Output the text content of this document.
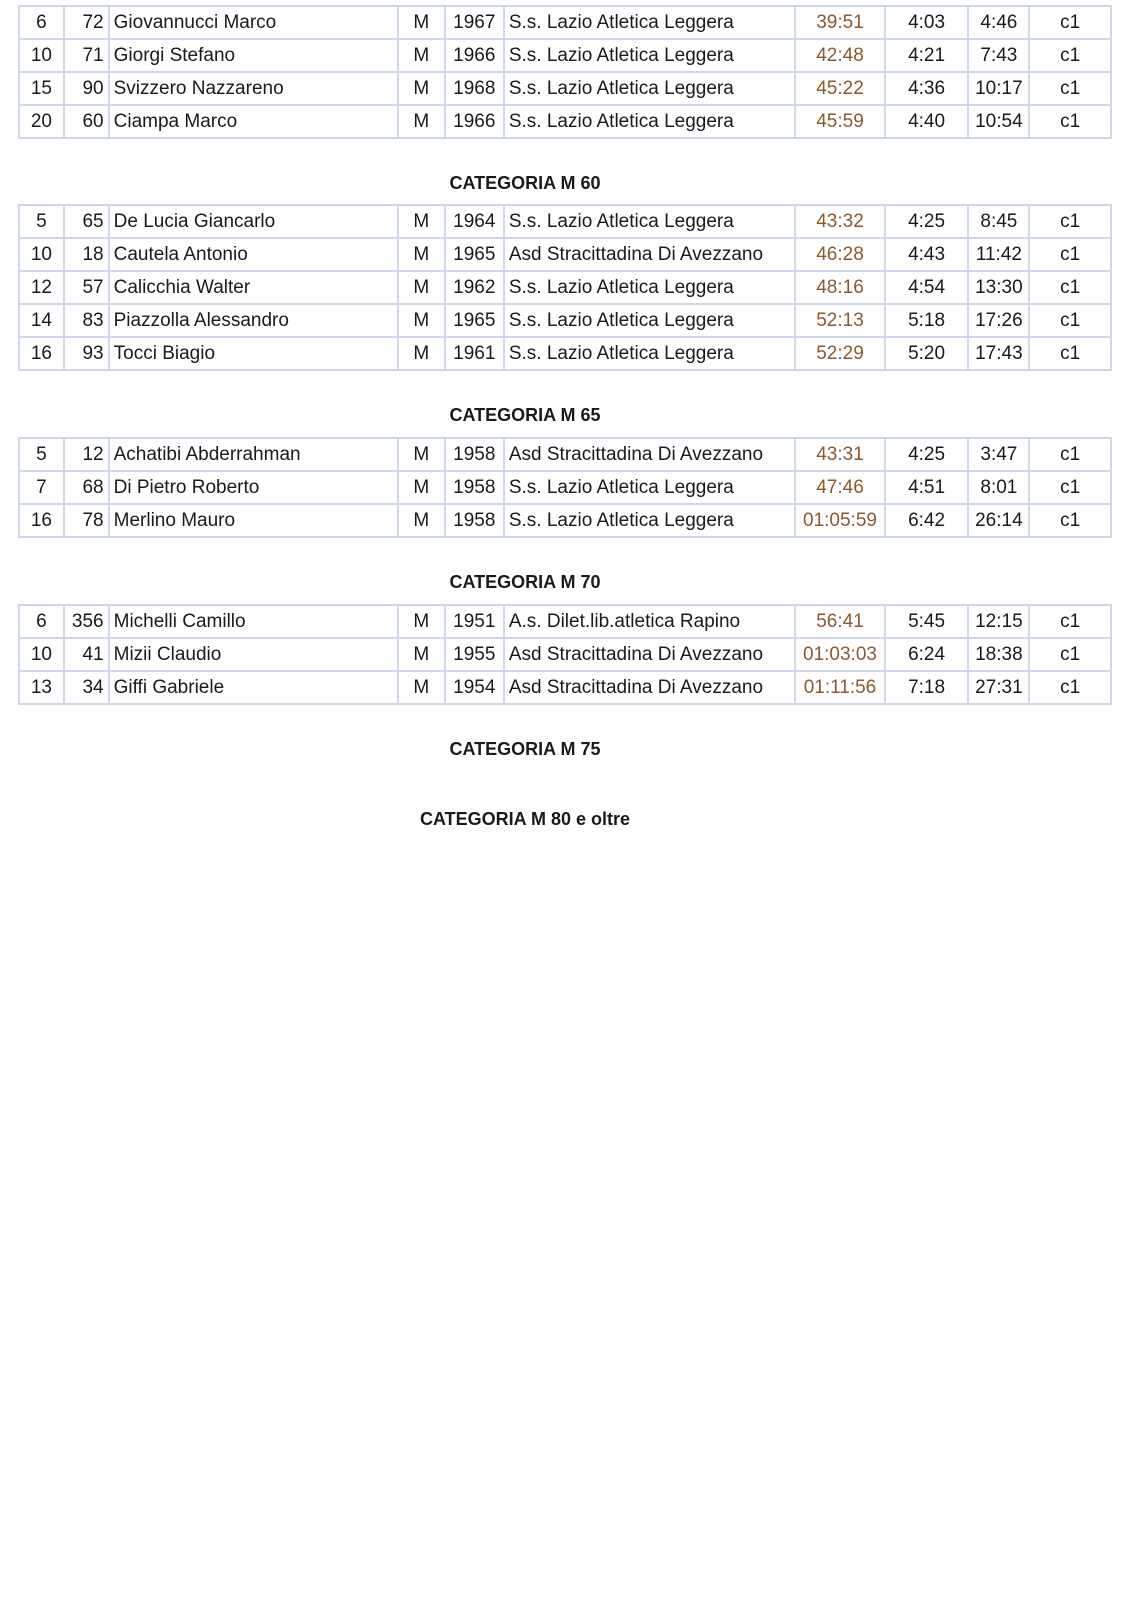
6	72	Giovannucci Marco	M	1967	S.s. Lazio Atletica Leggera	39:51	4:03	4:46	c1
10	71	Giorgi Stefano	M	1966	S.s. Lazio Atletica Leggera	42:48	4:21	7:43	c1
15	90	Svizzero Nazzareno	M	1968	S.s. Lazio Atletica Leggera	45:22	4:36	10:17	c1
20	60	Ciampa Marco	M	1966	S.s. Lazio Atletica Leggera	45:59	4:40	10:54	c1
CATEGORIA M 60
5	65	De Lucia Giancarlo	M	1964	S.s. Lazio Atletica Leggera	43:32	4:25	8:45	c1
10	18	Cautela Antonio	M	1965	Asd Stracittadina Di Avezzano	46:28	4:43	11:42	c1
12	57	Calicchia Walter	M	1962	S.s. Lazio Atletica Leggera	48:16	4:54	13:30	c1
14	83	Piazzolla Alessandro	M	1965	S.s. Lazio Atletica Leggera	52:13	5:18	17:26	c1
16	93	Tocci Biagio	M	1961	S.s. Lazio Atletica Leggera	52:29	5:20	17:43	c1
CATEGORIA M 65
5	12	Achatibi Abderrahman	M	1958	Asd Stracittadina Di Avezzano	43:31	4:25	3:47	c1
7	68	Di Pietro Roberto	M	1958	S.s. Lazio Atletica Leggera	47:46	4:51	8:01	c1
16	78	Merlino Mauro	M	1958	S.s. Lazio Atletica Leggera	01:05:59	6:42	26:14	c1
CATEGORIA M 70
6	356	Michelli Camillo	M	1951	A.s. Dilet.lib.atletica Rapino	56:41	5:45	12:15	c1
10	41	Mizii Claudio	M	1955	Asd Stracittadina Di Avezzano	01:03:03	6:24	18:38	c1
13	34	Giffi Gabriele	M	1954	Asd Stracittadina Di Avezzano	01:11:56	7:18	27:31	c1
CATEGORIA M 75
CATEGORIA M 80 e oltre
